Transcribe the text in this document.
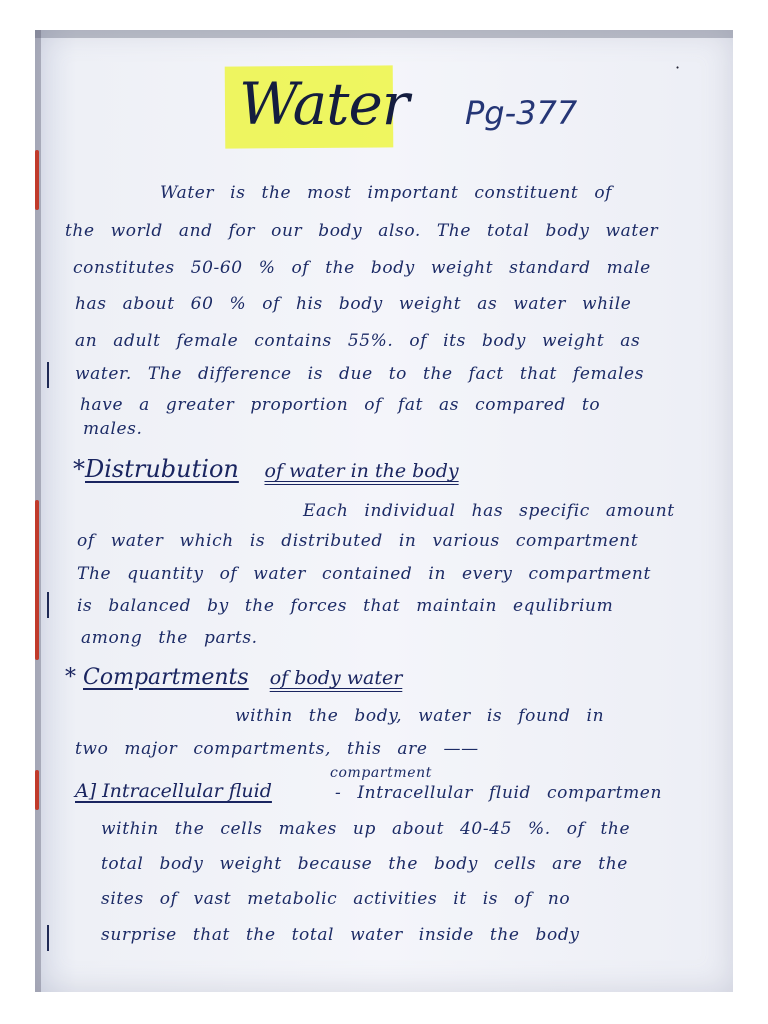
·
Water Pg-377
Water is the most important constituent of
the world and for our body also. The total body water
constitutes 50-60 % of the body weight standard male
has about 60 % of his body weight as water while
an adult female contains 55%. of its body weight as
water. The difference is due to the fact that females
have a greater proportion of fat as compared to
males.
*Distrubution of water in the body
Each individual has specific amount
of water which is distributed in various compartment
The quantity of water contained in every compartment
is balanced by the forces that maintain equlibrium
among the parts.
* Compartments of body water
within the body, water is found in
two major compartments, this are ——
compartment
A] Intracellular fluid	- Intracellular fluid compartmen
within the cells makes up about 40-45 %. of the
total body weight because the body cells are the
sites of vast metabolic activities it is of no
surprise that the total water inside the body
